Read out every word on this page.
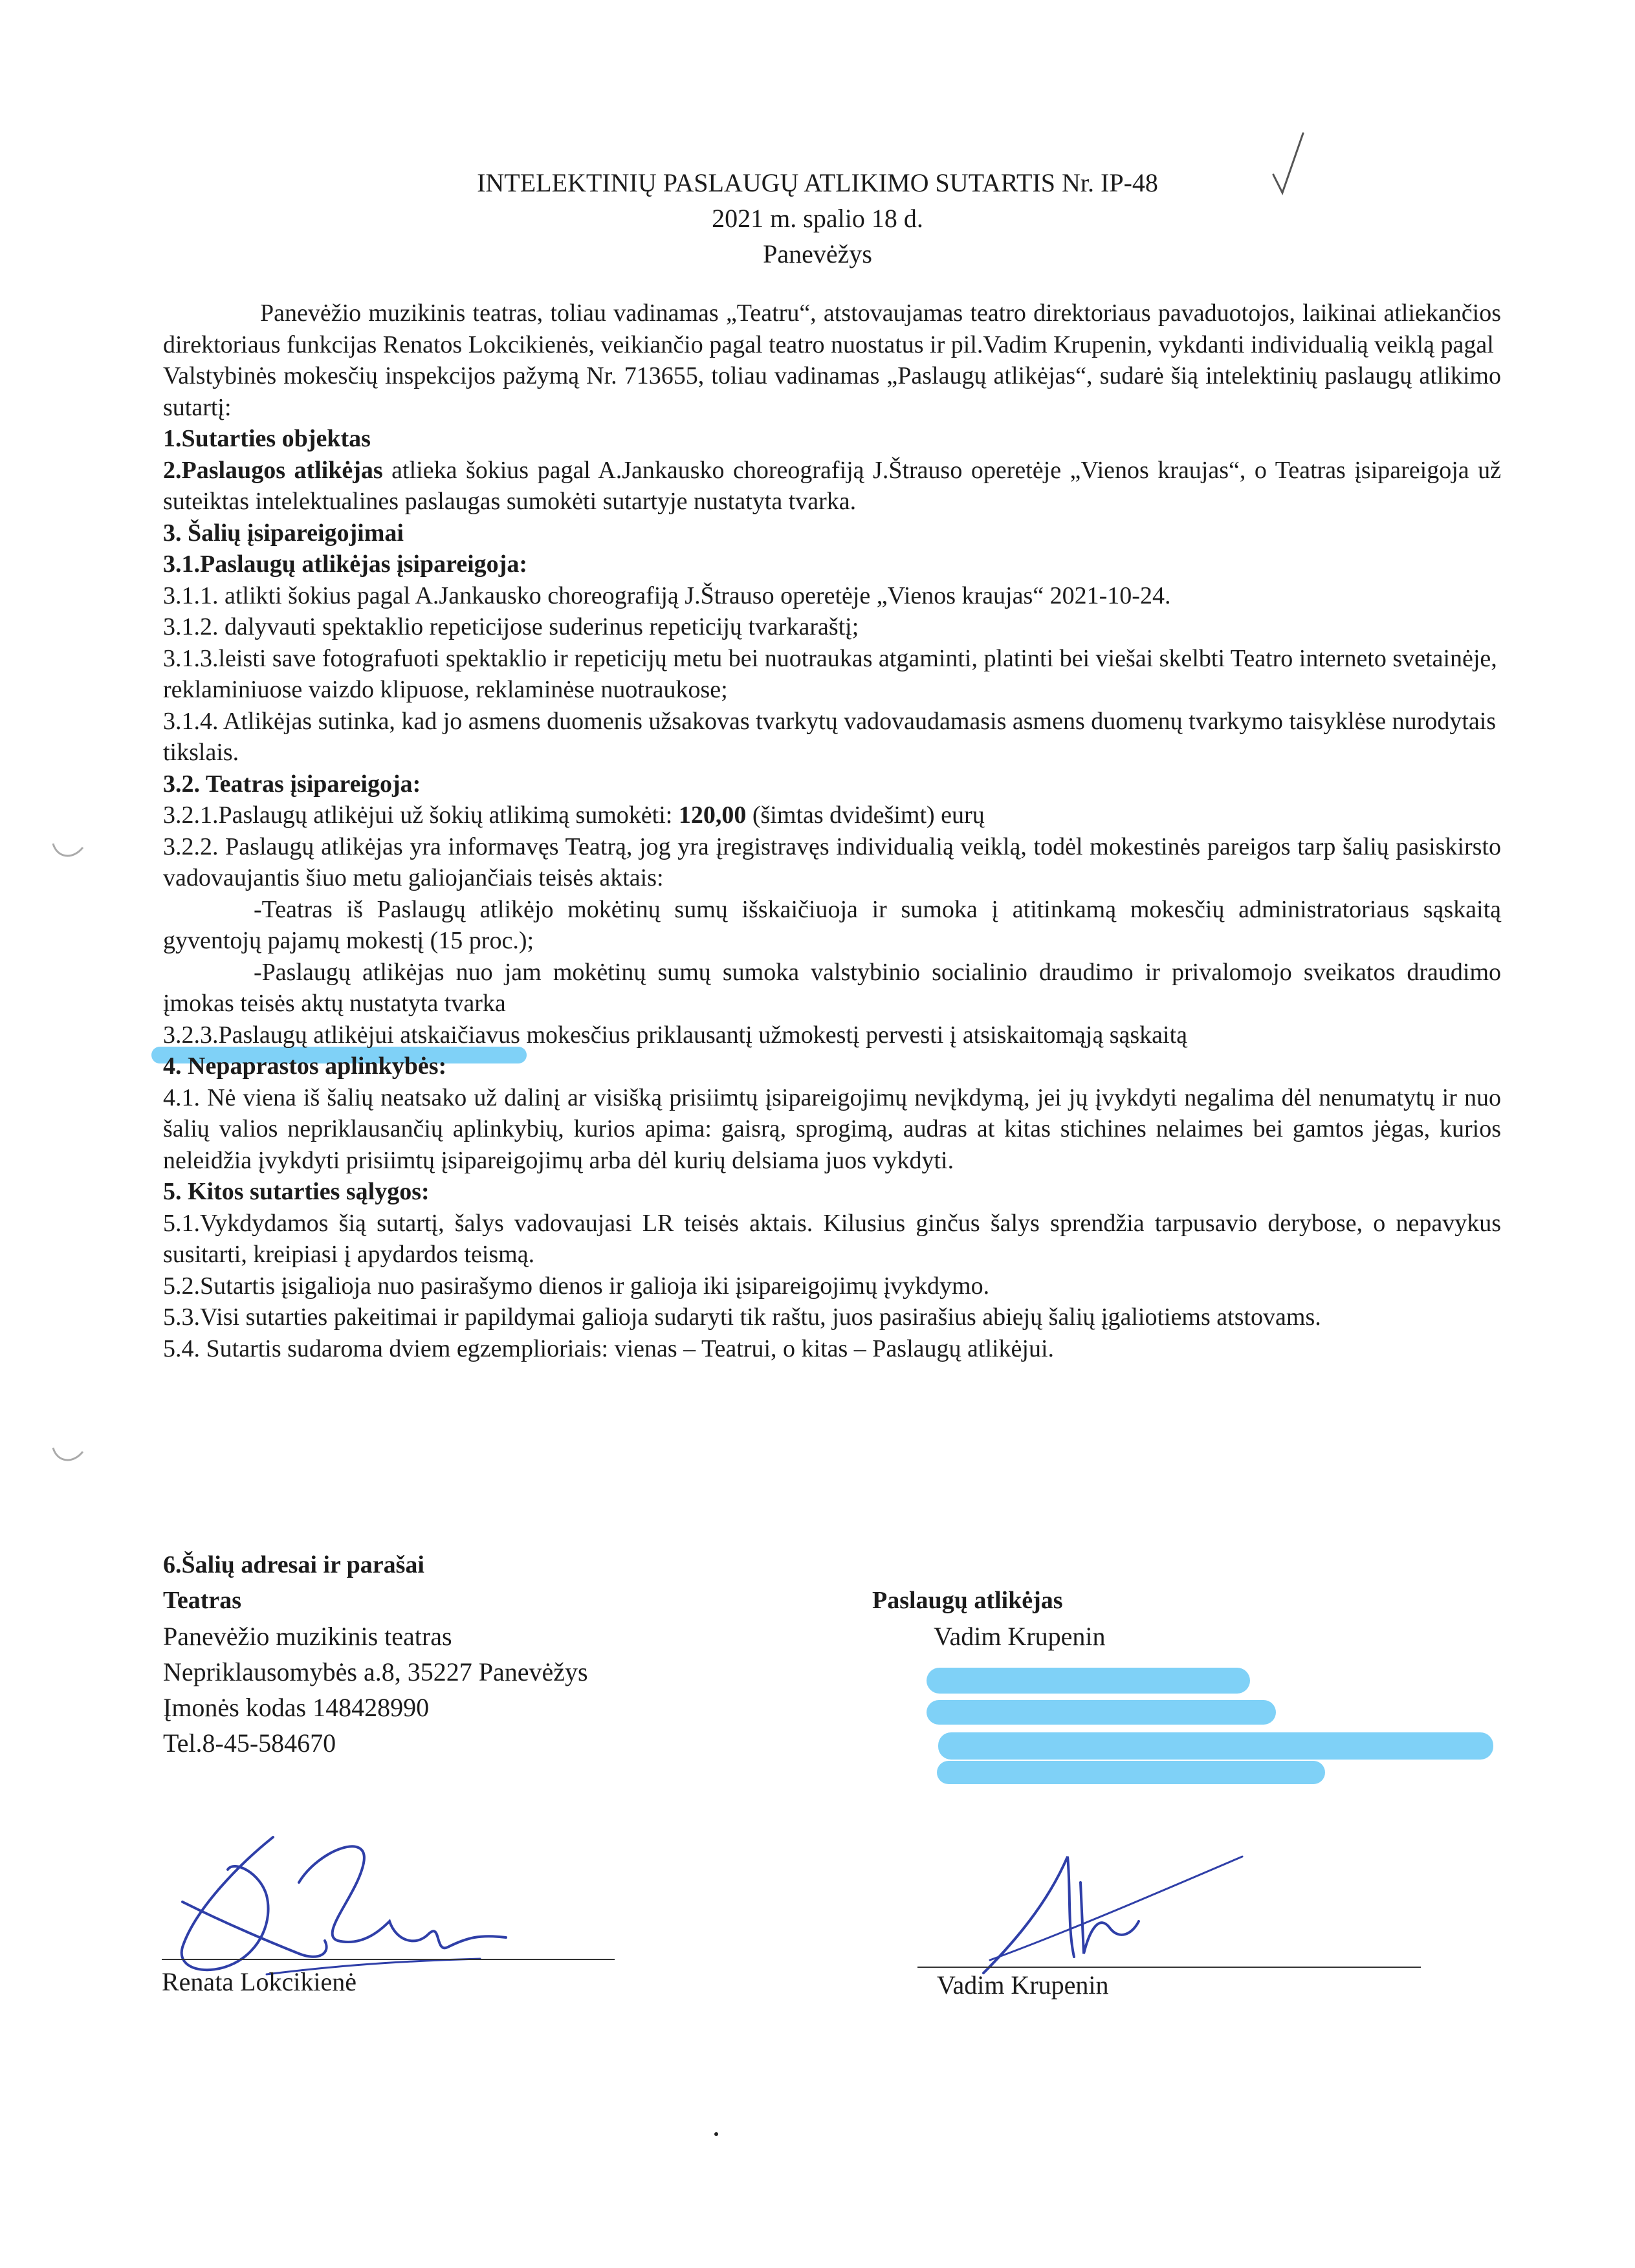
INTELEKTINIŲ PASLAUGŲ ATLIKIMO SUTARTIS Nr. IP-48
2021 m. spalio 18 d.
Panevėžys

Panevėžio muzikinis teatras, toliau vadinamas „Teatru“, atstovaujamas teatro direktoriaus pavaduotojos, laikinai atliekančios direktoriaus funkcijas Renatos Lokcikienės, veikiančio pagal teatro nuostatus ir pil.Vadim Krupenin, vykdanti individualią veiklą pagal

Valstybinės mokesčių inspekcijos pažymą Nr. 713655, toliau vadinamas „Paslaugų atlikėjas“, sudarė šią intelektinių paslaugų atlikimo sutartį:

1.Sutarties objektas

2.Paslaugos atlikėjas atlieka šokius pagal A.Jankausko choreografiją J.Štrauso operetėje „Vienos kraujas“, o Teatras įsipareigoja už suteiktas intelektualines paslaugas sumokėti sutartyje nustatyta tvarka.

3. Šalių įsipareigojimai

3.1.Paslaugų atlikėjas įsipareigoja:

3.1.1. atlikti šokius pagal A.Jankausko choreografiją J.Štrauso operetėje „Vienos kraujas“ 2021-10-24.

3.1.2. dalyvauti spektaklio repeticijose suderinus repeticijų tvarkaraštį;

3.1.3.leisti save fotografuoti spektaklio ir repeticijų metu bei nuotraukas atgaminti, platinti bei viešai skelbti Teatro interneto svetainėje, reklaminiuose vaizdo klipuose, reklaminėse nuotraukose;

3.1.4. Atlikėjas sutinka, kad jo asmens duomenis užsakovas tvarkytų vadovaudamasis asmens duomenų tvarkymo taisyklėse nurodytais tikslais.

3.2. Teatras įsipareigoja:

3.2.1.Paslaugų atlikėjui už šokių atlikimą sumokėti: 120,00 (šimtas dvidešimt) eurų

3.2.2. Paslaugų atlikėjas yra informavęs Teatrą, jog yra įregistravęs individualią veiklą, todėl mokestinės pareigos tarp šalių pasiskirsto vadovaujantis šiuo metu galiojančiais teisės aktais:

-Teatras iš Paslaugų atlikėjo mokėtinų sumų išskaičiuoja ir sumoka į atitinkamą mokesčių administratoriaus sąskaitą gyventojų pajamų mokestį (15 proc.);

-Paslaugų atlikėjas nuo jam mokėtinų sumų sumoka valstybinio socialinio draudimo ir privalomojo sveikatos draudimo įmokas teisės aktų nustatyta tvarka

3.2.3.Paslaugų atlikėjui atskaičiavus mokesčius priklausantį užmokestį pervesti į atsiskaitomąją sąskaitą

4. Nepaprastos aplinkybės:

4.1. Nė viena iš šalių neatsako už dalinį ar visišką prisiimtų įsipareigojimų nevįkdymą, jei jų įvykdyti negalima dėl nenumatytų ir nuo šalių valios nepriklausančių aplinkybių, kurios apima: gaisrą, sprogimą, audras at kitas stichines nelaimes bei gamtos jėgas, kurios neleidžia įvykdyti prisiimtų įsipareigojimų arba dėl kurių delsiama juos vykdyti.

5. Kitos sutarties sąlygos:

5.1.Vykdydamos šią sutartį, šalys vadovaujasi LR teisės aktais. Kilusius ginčus šalys sprendžia tarpusavio derybose, o nepavykus susitarti, kreipiasi į apydardos teismą.

5.2.Sutartis įsigalioja nuo pasirašymo dienos ir galioja iki įsipareigojimų įvykdymo.

5.3.Visi sutarties pakeitimai ir papildymai galioja sudaryti tik raštu, juos pasirašius abiejų šalių įgaliotiems atstovams.

5.4. Sutartis sudaroma dviem egzemplioriais: vienas – Teatrui, o kitas – Paslaugų atlikėjui.

6.Šalių adresai ir parašai
Teatras
Panevėžio muzikinis teatras
Nepriklausomybės a.8, 35227 Panevėžys
Įmonės kodas 148428990
Tel.8-45-584670
Paslaugų atlikėjas
Vadim Krupenin
Renata Lokcikienė	Vadim Krupenin
